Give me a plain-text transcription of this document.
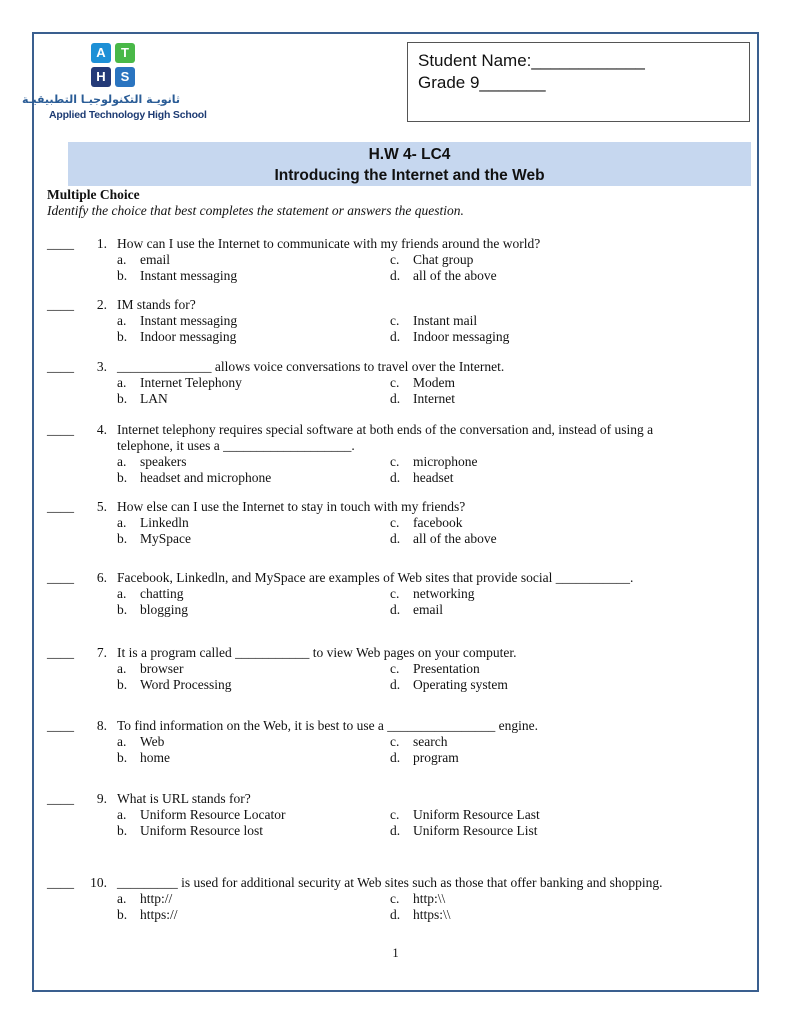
A	T
H	S
ثانويـة التكنولوجيـا التطبيقيـة
Applied Technology High School
Student Name:____________
Grade 9_______
H.W 4- LC4
Introducing the Internet and the Web
Multiple Choice
Identify the choice that best completes the statement or answers the question.
____	1. How can I use the Internet to communicate with my friends around the world?
a. email
b. Instant messaging
c. Chat group
d. all of the above
____	2. IM stands for?
a. Instant messaging
b. Indoor messaging
c. Instant mail
d. Indoor messaging
____	3. ______________ allows voice conversations to travel over the Internet.
a. Internet Telephony
b. LAN
c. Modem
d. Internet
____	4. Internet telephony requires special software at both ends of the conversation and, instead of using a telephone, it uses a ___________________.
a. speakers
b. headset and microphone
c. microphone
d. headset
____	5. How else can I use the Internet to stay in touch with my friends?
a. Linkedln
b. MySpace
c. facebook
d. all of the above
____	6. Facebook, Linkedln, and MySpace are examples of Web sites that provide social ___________.
a. chatting
b. blogging
c. networking
d. email
____	7. It is a program called ___________ to view Web pages on your computer.
a. browser
b. Word Processing
c. Presentation
d. Operating system
____	8. To find information on the Web, it is best to use a ________________ engine.
a. Web
b. home
c. search
d. program
____	9. What is URL stands for?
a. Uniform Resource Locator
b. Uniform Resource lost
c. Uniform Resource Last
d. Uniform Resource List
____	10. _________ is used for additional security at Web sites such as those that offer banking and shopping.
a. http://
b. https://
c. http:\\
d. https:\\
1
